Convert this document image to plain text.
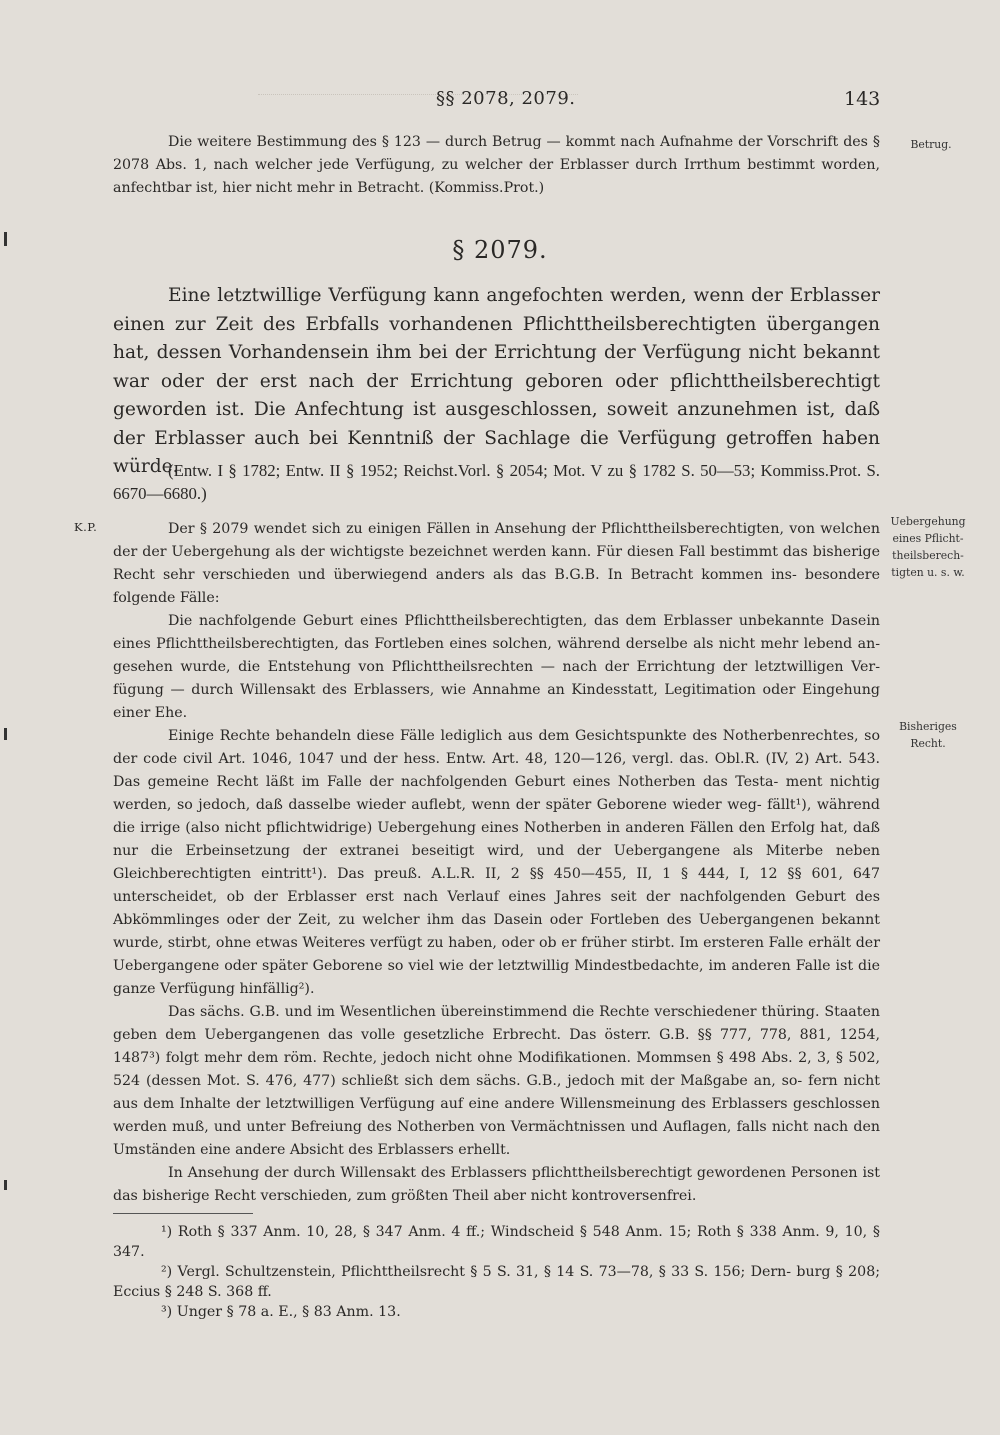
§§ 2078, 2079.	143
Die weitere Bestimmung des § 123 — durch Betrug — kommt nach Aufnahme der Vorschrift des § 2078 Abs. 1, nach welcher jede Verfügung, zu welcher der Erblasser durch Irrthum bestimmt worden, anfechtbar ist, hier nicht mehr in Betracht. (Kommiss.Prot.)
Betrug.
§ 2079.
Eine letztwillige Verfügung kann angefochten werden, wenn der Erblasser einen zur Zeit des Erbfalls vorhandenen Pflichttheilsberechtigten übergangen hat, dessen Vorhandensein ihm bei der Errichtung der Verfügung nicht bekannt war oder der erst nach der Errichtung geboren oder pflichttheilsberechtigt geworden ist. Die Anfechtung ist ausgeschlossen, soweit anzunehmen ist, daß der Erblasser auch bei Kenntniß der Sachlage die Verfügung getroffen haben würde.
(Entw. I § 1782; Entw. II § 1952; Reichst.Vorl. § 2054; Mot. V zu § 1782 S. 50—53; Kommiss.Prot. S. 6670—6680.)
K.P.	Uebergehung eines Pflicht- theilsberech- tigten u. s. w.
Bisheriges Recht.

Der § 2079 wendet sich zu einigen Fällen in Ansehung der Pflichttheilsberechtigten, von welchen der der Uebergehung als der wichtigste bezeichnet werden kann. Für diesen Fall bestimmt das bisherige Recht sehr verschieden und überwiegend anders als das B.G.B. In Betracht kommen ins- besondere folgende Fälle:

Die nachfolgende Geburt eines Pflichttheilsberechtigten, das dem Erblasser unbekannte Dasein eines Pflichttheilsberechtigten, das Fortleben eines solchen, während derselbe als nicht mehr lebend an- gesehen wurde, die Entstehung von Pflichttheilsrechten — nach der Errichtung der letztwilligen Ver- fügung — durch Willensakt des Erblassers, wie Annahme an Kindesstatt, Legitimation oder Eingehung einer Ehe.

Einige Rechte behandeln diese Fälle lediglich aus dem Gesichtspunkte des Notherbenrechtes, so der code civil Art. 1046, 1047 und der hess. Entw. Art. 48, 120—126, vergl. das. Obl.R. (IV, 2) Art. 543. Das gemeine Recht läßt im Falle der nachfolgenden Geburt eines Notherben das Testa- ment nichtig werden, so jedoch, daß dasselbe wieder auflebt, wenn der später Geborene wieder weg- fällt¹), während die irrige (also nicht pflichtwidrige) Uebergehung eines Notherben in anderen Fällen den Erfolg hat, daß nur die Erbeinsetzung der extranei beseitigt wird, und der Uebergangene als Miterbe neben Gleichberechtigten eintritt¹). Das preuß. A.L.R. II, 2 §§ 450—455, II, 1 § 444, I, 12 §§ 601, 647 unterscheidet, ob der Erblasser erst nach Verlauf eines Jahres seit der nachfolgenden Geburt des Abkömmlinges oder der Zeit, zu welcher ihm das Dasein oder Fortleben des Uebergangenen bekannt wurde, stirbt, ohne etwas Weiteres verfügt zu haben, oder ob er früher stirbt. Im ersteren Falle erhält der Uebergangene oder später Geborene so viel wie der letztwillig Mindestbedachte, im anderen Falle ist die ganze Verfügung hinfällig²).

Das sächs. G.B. und im Wesentlichen übereinstimmend die Rechte verschiedener thüring. Staaten geben dem Uebergangenen das volle gesetzliche Erbrecht. Das österr. G.B. §§ 777, 778, 881, 1254, 1487³) folgt mehr dem röm. Rechte, jedoch nicht ohne Modifikationen. Mommsen § 498 Abs. 2, 3, § 502, 524 (dessen Mot. S. 476, 477) schließt sich dem sächs. G.B., jedoch mit der Maßgabe an, so- fern nicht aus dem Inhalte der letztwilligen Verfügung auf eine andere Willensmeinung des Erblassers geschlossen werden muß, und unter Befreiung des Notherben von Vermächtnissen und Auflagen, falls nicht nach den Umständen eine andere Absicht des Erblassers erhellt.

In Ansehung der durch Willensakt des Erblassers pflichttheilsberechtigt gewordenen Personen ist das bisherige Recht verschieden, zum größten Theil aber nicht kontroversenfrei.

¹) Roth § 337 Anm. 10, 28, § 347 Anm. 4 ff.; Windscheid § 548 Anm. 15; Roth § 338 Anm. 9, 10, § 347.

²) Vergl. Schultzenstein, Pflichttheilsrecht § 5 S. 31, § 14 S. 73—78, § 33 S. 156; Dern- burg § 208; Eccius § 248 S. 368 ff.

³) Unger § 78 a. E., § 83 Anm. 13.
